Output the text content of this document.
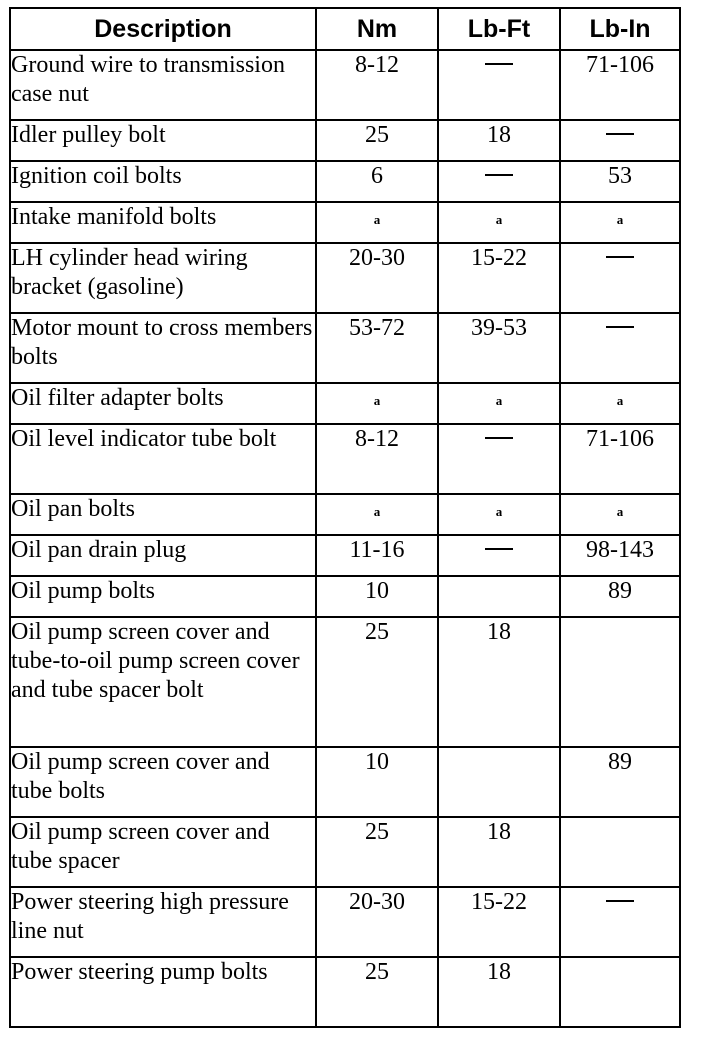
Description	Nm	Lb-Ft	Lb-In
Ground wire to transmission case nut	8-12		71-106
Idler pulley bolt	25	18	
Ignition coil bolts	6		53
Intake manifold bolts	a	a	a
LH cylinder head wiring bracket (gasoline)	20-30	15-22	
Motor mount to cross members bolts	53-72	39-53	
Oil filter adapter bolts	a	a	a
Oil level indicator tube bolt	8-12		71-106
Oil pan bolts	a	a	a
Oil pan drain plug	11-16		98-143
Oil pump bolts	10		89
Oil pump screen cover and tube-to-oil pump screen cover and tube spacer bolt	25	18	
Oil pump screen cover and tube bolts	10		89
Oil pump screen cover and tube spacer	25	18	
Power steering high pressure line nut	20-30	15-22	
Power steering pump bolts	25	18	
